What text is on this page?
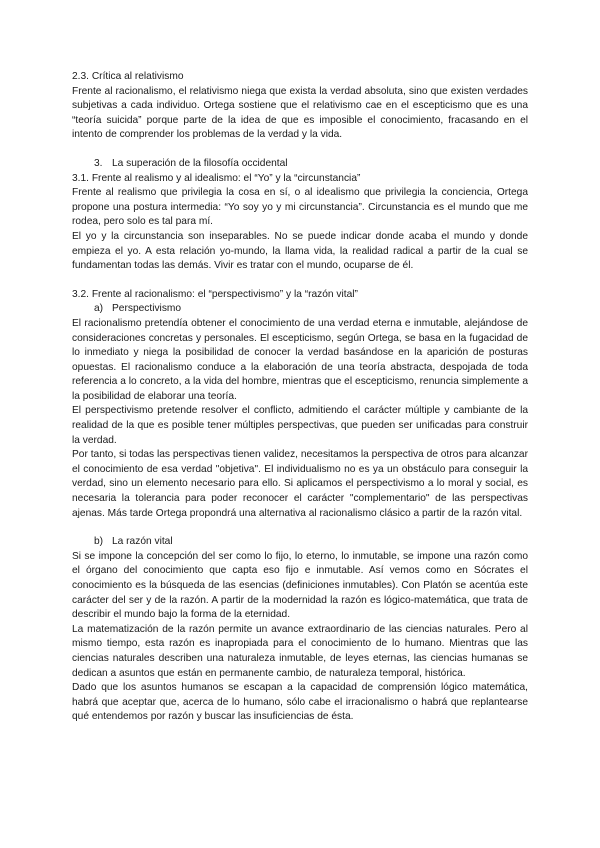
2.3. Crítica al relativismo

Frente al racionalismo, el relativismo niega que exista la verdad absoluta, sino que existen verdades subjetivas a cada individuo. Ortega sostiene que el relativismo cae en el escepticismo que es una “teoría suicida” porque parte de la idea de que es imposible el conocimiento, fracasando en el intento de comprender los problemas de la verdad y la vida.

3. La superación de la filosofía occidental

3.1. Frente al realismo y al idealismo: el “Yo” y la “circunstancia”

Frente al realismo que privilegia la cosa en sí, o al idealismo que privilegia la conciencia, Ortega propone una postura intermedia: “Yo soy yo y mi circunstancia”. Circunstancia es el mundo que me rodea, pero solo es tal para mí.

El yo y la circunstancia son inseparables. No se puede indicar donde acaba el mundo y donde empieza el yo. A esta relación yo-mundo, la llama vida, la realidad radical a partir de la cual se fundamentan todas las demás. Vivir es tratar con el mundo, ocuparse de él.

3.2. Frente al racionalismo: el “perspectivismo” y la “razón vital”

a) Perspectivismo

El racionalismo pretendía obtener el conocimiento de una verdad eterna e inmutable, alejándose de consideraciones concretas y personales. El escepticismo, según Ortega, se basa en la fugacidad de lo inmediato y niega la posibilidad de conocer la verdad basándose en la aparición de posturas opuestas. El racionalismo conduce a la elaboración de una teoría abstracta, despojada de toda referencia a lo concreto, a la vida del hombre, mientras que el escepticismo, renuncia simplemente a la posibilidad de elaborar una teoría.

El perspectivismo pretende resolver el conflicto, admitiendo el carácter múltiple y cambiante de la realidad de la que es posible tener múltiples perspectivas, que pueden ser unificadas para construir la verdad.

Por tanto, si todas las perspectivas tienen validez, necesitamos la perspectiva de otros para alcanzar el conocimiento de esa verdad "objetiva". El individualismo no es ya un obstáculo para conseguir la verdad, sino un elemento necesario para ello. Si aplicamos el perspectivismo a lo moral y social, es necesaria la tolerancia para poder reconocer el carácter "complementario" de las perspectivas ajenas. Más tarde Ortega propondrá una alternativa al racionalismo clásico a partir de la razón vital.

b) La razón vital

Si se impone la concepción del ser como lo fijo, lo eterno, lo inmutable, se impone una razón como el órgano del conocimiento que capta eso fijo e inmutable. Así vemos como en Sócrates el conocimiento es la búsqueda de las esencias (definiciones inmutables). Con Platón se acentúa este carácter del ser y de la razón. A partir de la modernidad la razón es lógico-matemática, que trata de describir el mundo bajo la forma de la eternidad.

La matematización de la razón permite un avance extraordinario de las ciencias naturales. Pero al mismo tiempo, esta razón es inapropiada para el conocimiento de lo humano. Mientras que las ciencias naturales describen una naturaleza inmutable, de leyes eternas, las ciencias humanas se dedican a asuntos que están en permanente cambio, de naturaleza temporal, histórica.

Dado que los asuntos humanos se escapan a la capacidad de comprensión lógico matemática, habrá que aceptar que, acerca de lo humano, sólo cabe el irracionalismo o habrá que replantearse qué entendemos por razón y buscar las insuficiencias de ésta.
